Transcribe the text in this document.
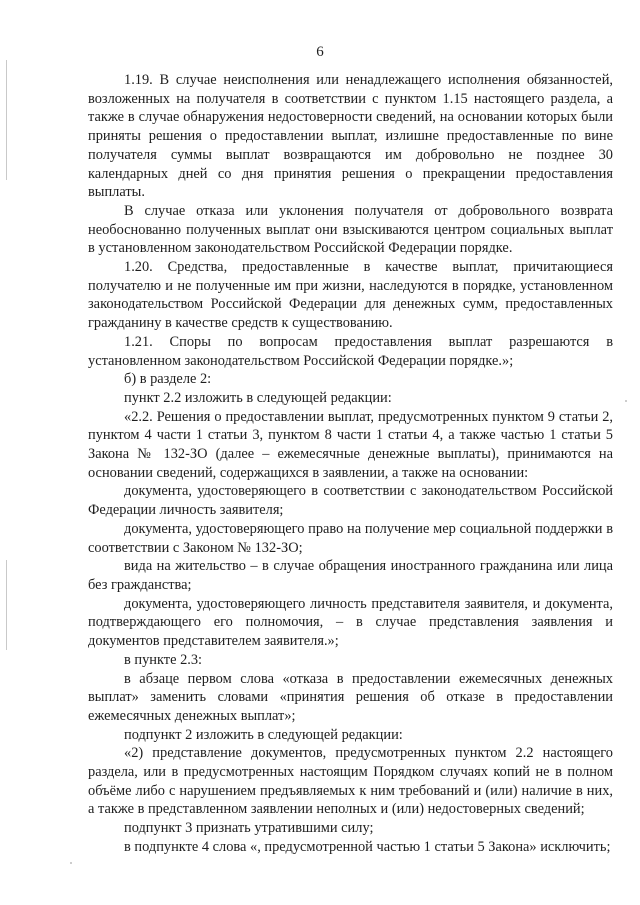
6

1.19. В случае неисполнения или ненадлежащего исполнения обязанностей, возложенных на получателя в соответствии с пунктом 1.15 настоящего раздела, а также в случае обнаружения недостоверности сведений, на основании которых были приняты решения о предоставлении выплат, излишне предоставленные по вине получателя суммы выплат возвращаются им добровольно не позднее 30 календарных дней со дня принятия решения о прекращении предоставления выплаты.

В случае отказа или уклонения получателя от добровольного возврата необоснованно полученных выплат они взыскиваются центром социальных выплат в установленном законодательством Российской Федерации порядке.

1.20. Средства, предоставленные в качестве выплат, причитающиеся получателю и не полученные им при жизни, наследуются в порядке, установленном законодательством Российской Федерации для денежных сумм, предоставленных гражданину в качестве средств к существованию.

1.21. Споры по вопросам предоставления выплат разрешаются в установленном законодательством Российской Федерации порядке.»;

б) в разделе 2:

пункт 2.2 изложить в следующей редакции:

«2.2. Решения о предоставлении выплат, предусмотренных пунктом 9 статьи 2, пунктом 4 части 1 статьи 3, пунктом 8 части 1 статьи 4, а также частью 1 статьи 5 Закона № 132-ЗО (далее – ежемесячные денежные выплаты), принимаются на основании сведений, содержащихся в заявлении, а также на основании:

документа, удостоверяющего в соответствии с законодательством Российской Федерации личность заявителя;

документа, удостоверяющего право на получение мер социальной поддержки в соответствии с Законом № 132-ЗО;

вида на жительство – в случае обращения иностранного гражданина или лица без гражданства;

документа, удостоверяющего личность представителя заявителя, и документа, подтверждающего его полномочия, – в случае представления заявления и документов представителем заявителя.»;

в пункте 2.3:

в абзаце первом слова «отказа в предоставлении ежемесячных денежных выплат» заменить словами «принятия решения об отказе в предоставлении ежемесячных денежных выплат»;

подпункт 2 изложить в следующей редакции:

«2) представление документов, предусмотренных пунктом 2.2 настоящего раздела, или в предусмотренных настоящим Порядком случаях копий не в полном объёме либо с нарушением предъявляемых к ним требований и (или) наличие в них, а также в представленном заявлении неполных и (или) недостоверных сведений;

подпункт 3 признать утратившими силу;

в подпункте 4 слова «, предусмотренной частью 1 статьи 5 Закона» исключить;
